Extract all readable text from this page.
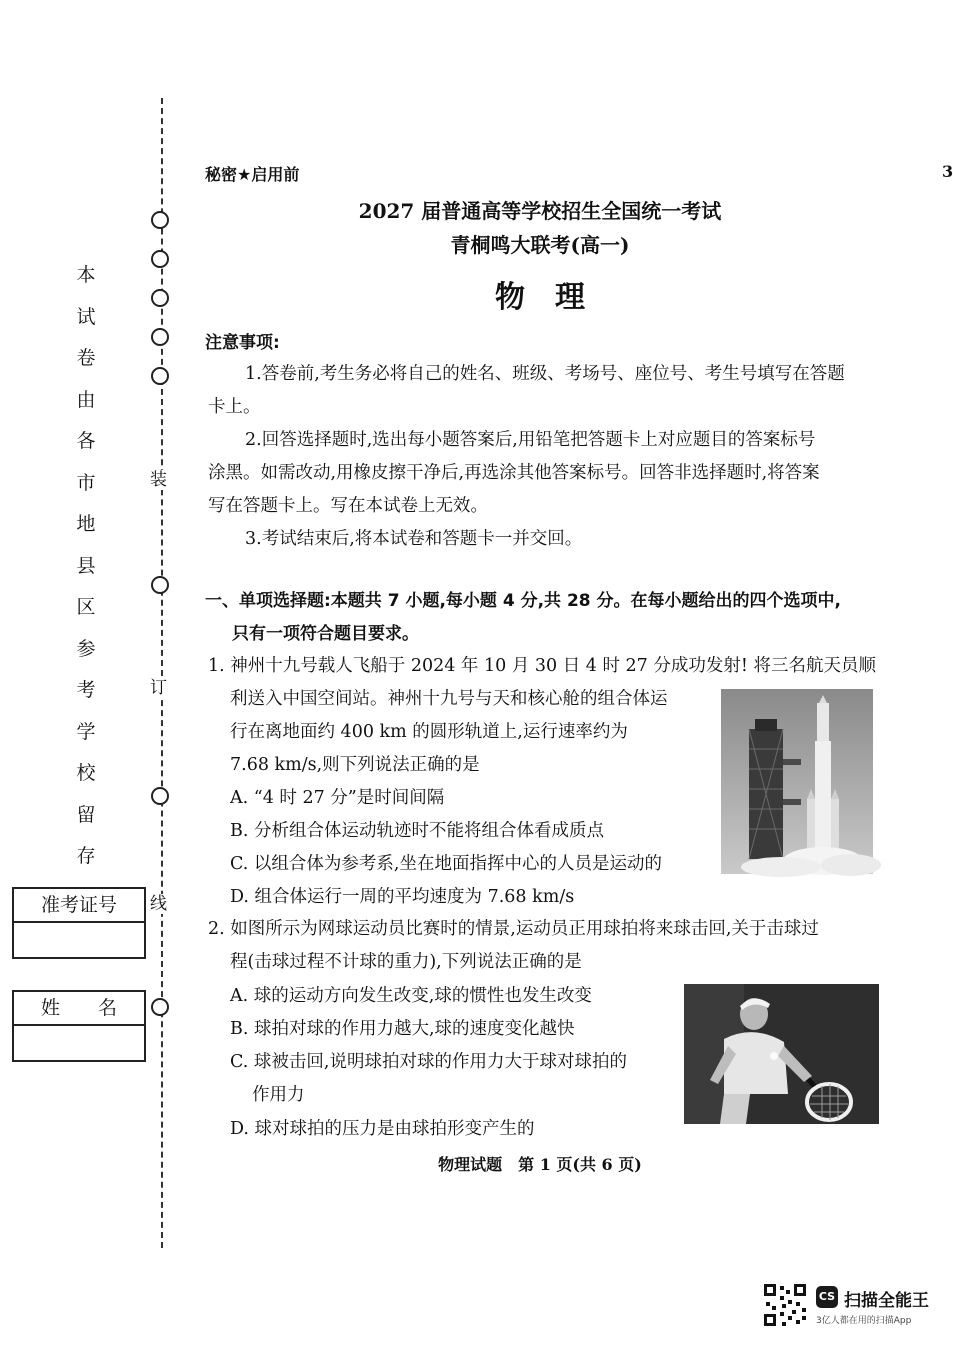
本
试
卷
由
各
市
地
县
区
参
考
学
校
留
存
装
订
线
准考证号
姓　　名
秘密★启用前	3
2027 届普通高等学校招生全国统一考试
青桐鸣大联考(高一)
物　理
注意事项:
1.答卷前,考生务必将自己的姓名、班级、考场号、座位号、考生号填写在答题
卡上。
2.回答选择题时,选出每小题答案后,用铅笔把答题卡上对应题目的答案标号
涂黑。如需改动,用橡皮擦干净后,再选涂其他答案标号。回答非选择题时,将答案
写在答题卡上。写在本试卷上无效。
3.考试结束后,将本试卷和答题卡一并交回。
一、单项选择题:本题共 7 小题,每小题 4 分,共 28 分。在每小题给出的四个选项中,
只有一项符合题目要求。
1. 神州十九号载人飞船于 2024 年 10 月 30 日 4 时 27 分成功发射! 将三名航天员顺
利送入中国空间站。神州十九号与天和核心舱的组合体运
行在离地面约 400 km 的圆形轨道上,运行速率约为
7.68 km/s,则下列说法正确的是
A. “4 时 27 分”是时间间隔
B. 分析组合体运动轨迹时不能将组合体看成质点
C. 以组合体为参考系,坐在地面指挥中心的人员是运动的
D. 组合体运行一周的平均速度为 7.68 km/s
2. 如图所示为网球运动员比赛时的情景,运动员正用球拍将来球击回,关于击球过
程(击球过程不计球的重力),下列说法正确的是
A. 球的运动方向发生改变,球的惯性也发生改变
B. 球拍对球的作用力越大,球的速度变化越快
C. 球被击回,说明球拍对球的作用力大于球对球拍的
作用力
D. 球对球拍的压力是由球拍形变产生的
物理试题　第 1 页(共 6 页)
CS 扫描全能王
3亿人都在用的扫描App
